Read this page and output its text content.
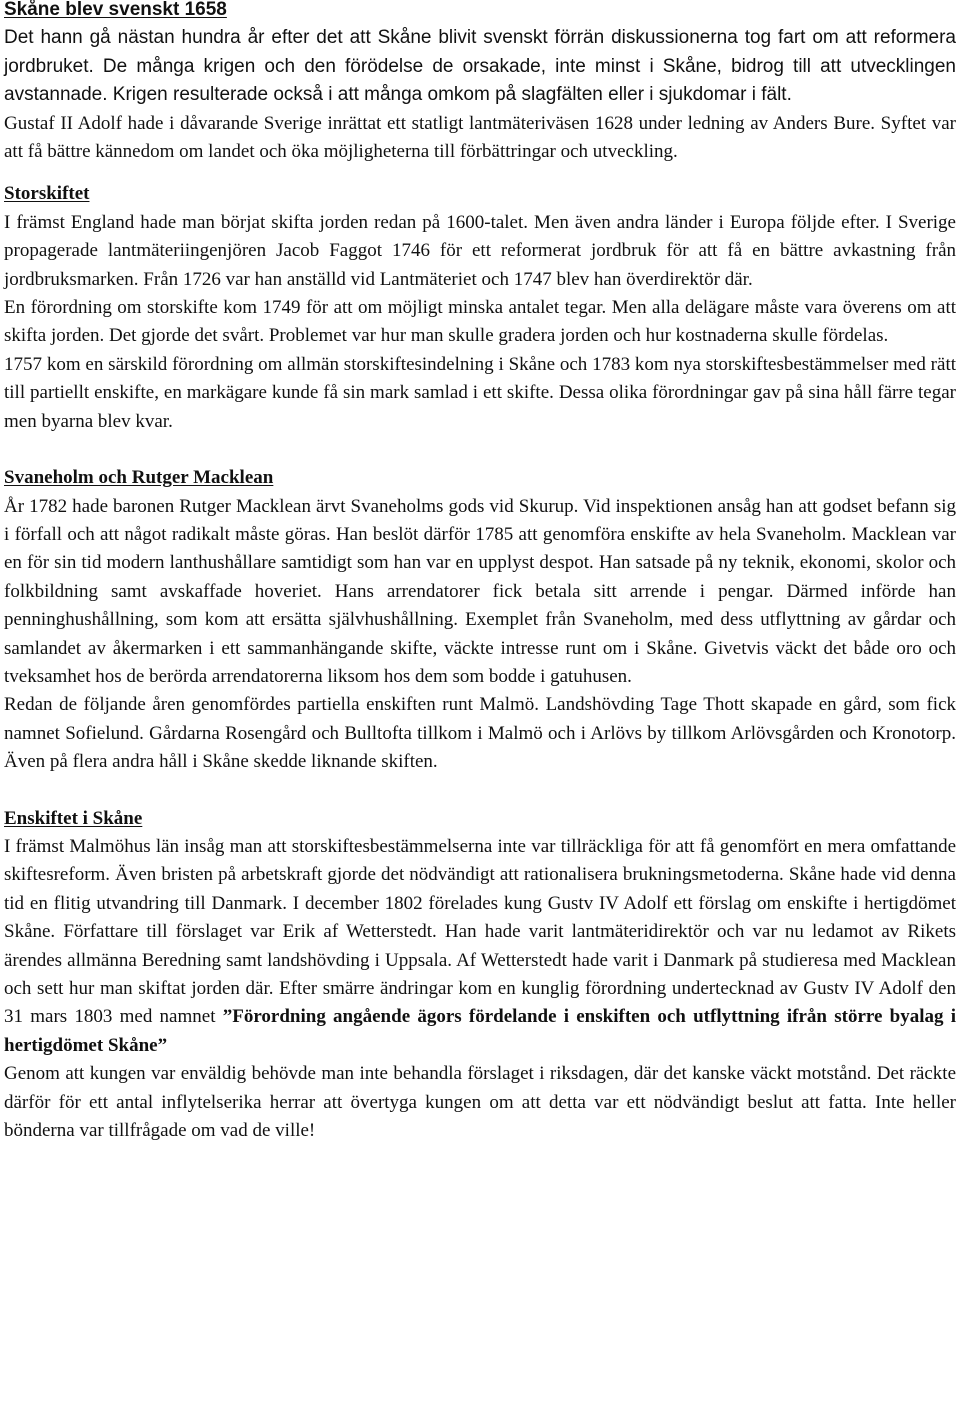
Skåne blev svenskt 1658

Det hann gå nästan hundra år efter det att Skåne blivit svenskt förrän diskussionerna tog fart om att reformera jordbruket. De många krigen och den förödelse de orsakade, inte minst i Skåne, bidrog till att utvecklingen avstannade. Krigen resulterade också i att många omkom på slagfälten eller i sjukdomar i fält.

Gustaf II Adolf hade i dåvarande Sverige inrättat ett statligt lantmäteriväsen 1628 under ledning av Anders Bure. Syftet var att få bättre kännedom om landet och öka möjligheterna till förbättringar och utveckling.

Storskiftet

I främst England hade man börjat skifta jorden redan på 1600-talet. Men även andra länder i Europa följde efter. I Sverige propagerade lantmäteriingenjören Jacob Faggot 1746 för ett reformerat jordbruk för att få en bättre avkastning från jordbruksmarken. Från 1726 var han anställd vid Lantmäteriet och 1747 blev han överdirektör där.

En förordning om storskifte kom 1749 för att om möjligt minska antalet tegar. Men alla delägare måste vara överens om att skifta jorden. Det gjorde det svårt. Problemet var hur man skulle gradera jorden och hur kostnaderna skulle fördelas.

1757 kom en särskild förordning om allmän storskiftesindelning i Skåne och 1783 kom nya storskiftesbestämmelser med rätt till partiellt enskifte, en markägare kunde få sin mark samlad i ett skifte. Dessa olika förordningar gav på sina håll färre tegar men byarna blev kvar.

Svaneholm och Rutger Macklean

År 1782 hade baronen Rutger Macklean ärvt Svaneholms gods vid Skurup. Vid inspektionen ansåg han att godset befann sig i förfall och att något radikalt måste göras. Han beslöt därför 1785 att genomföra enskifte av hela Svaneholm. Macklean var en för sin tid modern lanthushållare samtidigt som han var en upplyst despot. Han satsade på ny teknik, ekonomi, skolor och folkbildning samt avskaffade hoveriet. Hans arrendatorer fick betala sitt arrende i pengar. Därmed införde han penninghushållning, som kom att ersätta självhushållning. Exemplet från Svaneholm, med dess utflyttning av gårdar och samlandet av åkermarken i ett sammanhängande skifte, väckte intresse runt om i Skåne. Givetvis väckt det både oro och tveksamhet hos de berörda arrendatorerna liksom hos dem som bodde i gatuhusen.

Redan de följande åren genomfördes partiella enskiften runt Malmö. Landshövding Tage Thott skapade en gård, som fick namnet Sofielund. Gårdarna Rosengård och Bulltofta tillkom i Malmö och i Arlövs by tillkom Arlövsgården och Kronotorp. Även på flera andra håll i Skåne skedde liknande skiften.

Enskiftet i Skåne

I främst Malmöhus län insåg man att storskiftesbestämmelserna inte var tillräckliga för att få genomfört en mera omfattande skiftesreform. Även bristen på arbetskraft gjorde det nödvändigt att rationalisera brukningsmetoderna. Skåne hade vid denna tid en flitig utvandring till Danmark. I december 1802 förelades kung Gustv IV Adolf ett förslag om enskifte i hertigdömet Skåne. Författare till förslaget var Erik af Wetterstedt. Han hade varit lantmäteridirektör och var nu ledamot av Rikets ärendes allmänna Beredning samt landshövding i Uppsala. Af Wetterstedt hade varit i Danmark på studieresa med Macklean och sett hur man skiftat jorden där. Efter smärre ändringar kom en kunglig förordning undertecknad av Gustv IV Adolf den 31 mars 1803 med namnet ”Förordning angående ägors fördelande i enskiften och utflyttning ifrån större byalag i hertigdömet Skåne”

Genom att kungen var enväldig behövde man inte behandla förslaget i riksdagen, där det kanske väckt motstånd. Det räckte därför för ett antal inflytelserika herrar att övertyga kungen om att detta var ett nödvändigt beslut att fatta. Inte heller bönderna var tillfrågade om vad de ville!
